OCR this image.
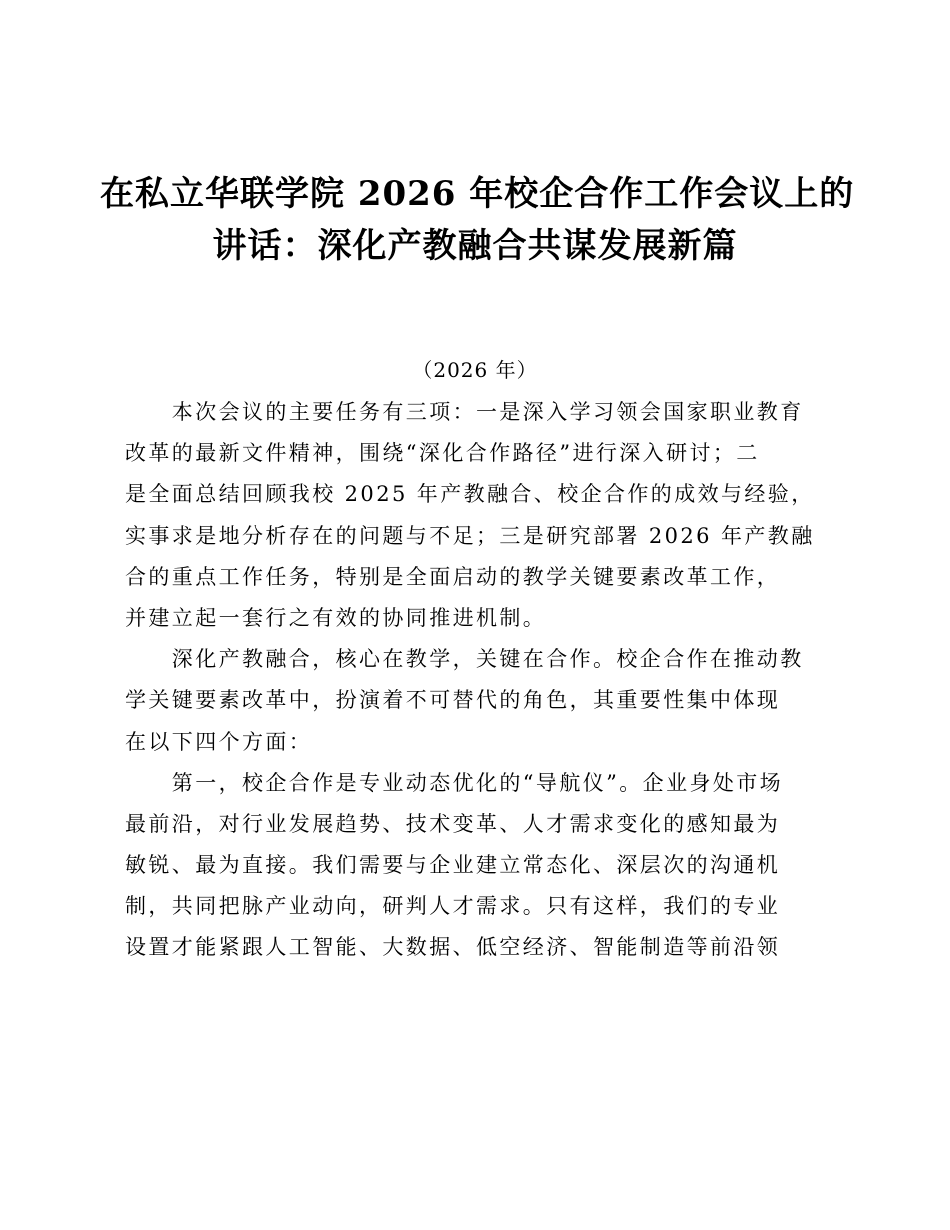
在私立华联学院 2026 年校企合作工作会议上的
讲话：深化产教融合共谋发展新篇
（2026 年）
　　本次会议的主要任务有三项：一是深入学习领会国家职业教育
改革的最新文件精神，围绕“深化合作路径”进行深入研讨；二
是全面总结回顾我校 2025 年产教融合、校企合作的成效与经验，
实事求是地分析存在的问题与不足；三是研究部署 2026 年产教融
合的重点工作任务，特别是全面启动的教学关键要素改革工作，
并建立起一套行之有效的协同推进机制。
　　深化产教融合，核心在教学，关键在合作。校企合作在推动教
学关键要素改革中，扮演着不可替代的角色，其重要性集中体现
在以下四个方面：
　　第一，校企合作是专业动态优化的“导航仪”。企业身处市场
最前沿，对行业发展趋势、技术变革、人才需求变化的感知最为
敏锐、最为直接。我们需要与企业建立常态化、深层次的沟通机
制，共同把脉产业动向，研判人才需求。只有这样，我们的专业
设置才能紧跟人工智能、大数据、低空经济、智能制造等前沿领
